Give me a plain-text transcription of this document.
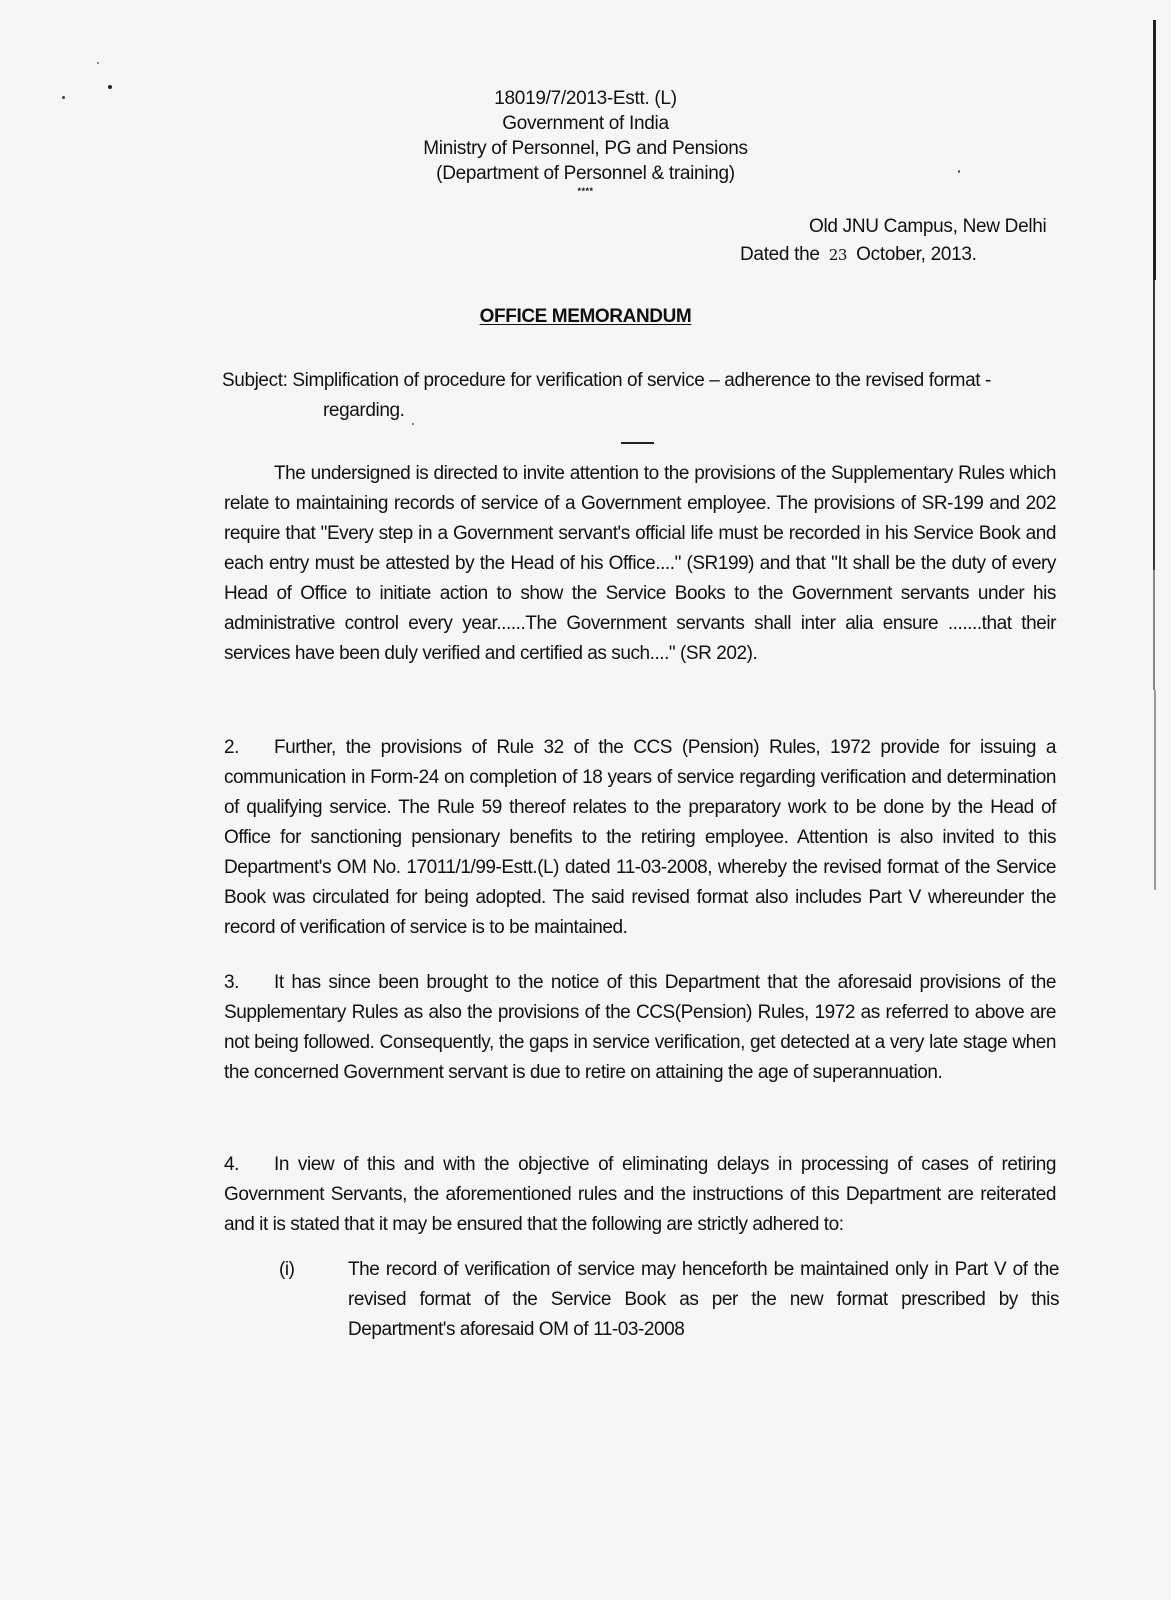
18019/7/2013-Estt. (L)
Government of India
Ministry of Personnel, PG and Pensions
(Department of Personnel & training)
****
Old JNU Campus, New Delhi
Dated the 23 October, 2013.
OFFICE MEMORANDUM
Subject: Simplification of procedure for verification of service – adherence to the revised format -
regarding.
The undersigned is directed to invite attention to the provisions of the Supplementary Rules which relate to maintaining records of service of a Government employee. The provisions of SR-199 and 202 require that "Every step in a Government servant's official life must be recorded in his Service Book and each entry must be attested by the Head of his Office...." (SR199) and that "It shall be the duty of every Head of Office to initiate action to show the Service Books to the Government servants under his administrative control every year......The Government servants shall inter alia ensure .......that their services have been duly verified and certified as such...." (SR 202).
2. Further, the provisions of Rule 32 of the CCS (Pension) Rules, 1972 provide for issuing a communication in Form-24 on completion of 18 years of service regarding verification and determination of qualifying service. The Rule 59 thereof relates to the preparatory work to be done by the Head of Office for sanctioning pensionary benefits to the retiring employee. Attention is also invited to this Department's OM No. 17011/1/99-Estt.(L) dated 11-03-2008, whereby the revised format of the Service Book was circulated for being adopted. The said revised format also includes Part V whereunder the record of verification of service is to be maintained.
3. It has since been brought to the notice of this Department that the aforesaid provisions of the Supplementary Rules as also the provisions of the CCS(Pension) Rules, 1972 as referred to above are not being followed. Consequently, the gaps in service verification, get detected at a very late stage when the concerned Government servant is due to retire on attaining the age of superannuation.
4. In view of this and with the objective of eliminating delays in processing of cases of retiring Government Servants, the aforementioned rules and the instructions of this Department are reiterated and it is stated that it may be ensured that the following are strictly adhered to:
(i)	The record of verification of service may henceforth be maintained only in Part V of the revised format of the Service Book as per the new format prescribed by this Department's aforesaid OM of 11-03-2008
